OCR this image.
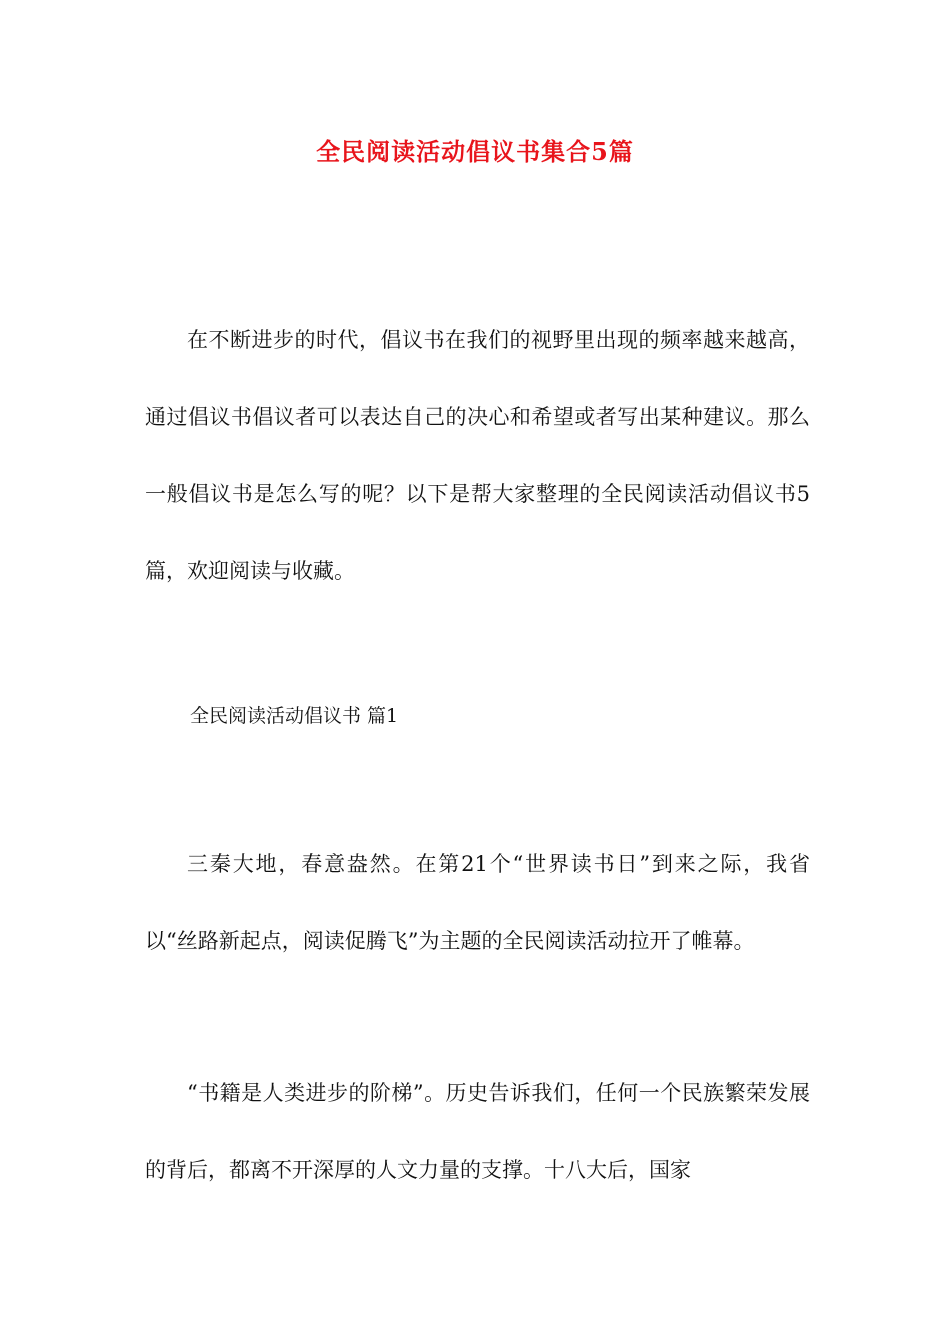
全民阅读活动倡议书集合5篇

在不断进步的时代，倡议书在我们的视野里出现的频率越来越高，通过倡议书倡议者可以表达自己的决心和希望或者写出某种建议。那么一般倡议书是怎么写的呢？以下是帮大家整理的全民阅读活动倡议书5篇，欢迎阅读与收藏。

全民阅读活动倡议书 篇1

三秦大地，春意盎然。在第21个“世界读书日”到来之际，我省以“丝路新起点，阅读促腾飞”为主题的全民阅读活动拉开了帷幕。

“书籍是人类进步的阶梯”。历史告诉我们，任何一个民族繁荣发展的背后，都离不开深厚的人文力量的支撑。十八大后，国家
